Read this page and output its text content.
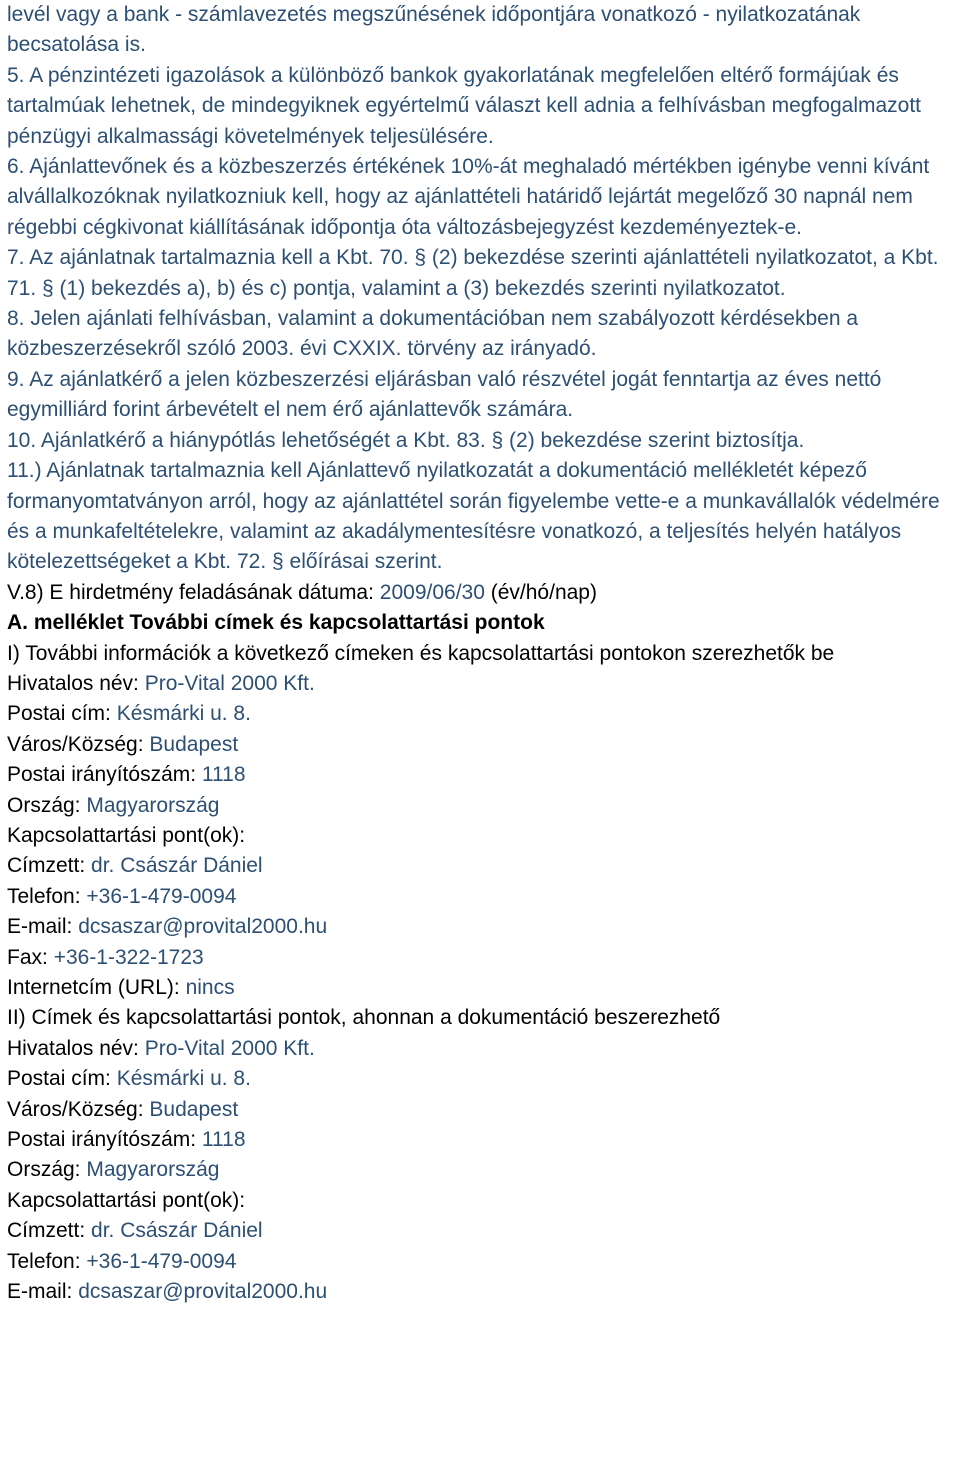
levél vagy a bank - számlavezetés megszűnésének időpontjára vonatkozó - nyilatkozatának becsatolása is.

5. A pénzintézeti igazolások a különböző bankok gyakorlatának megfelelően eltérő formájúak és tartalmúak lehetnek, de mindegyiknek egyértelmű választ kell adnia a felhívásban megfogalmazott pénzügyi alkalmassági követelmények teljesülésére.

6. Ajánlattevőnek és a közbeszerzés értékének 10%-át meghaladó mértékben igénybe venni kívánt alvállalkozóknak nyilatkozniuk kell, hogy az ajánlattételi határidő lejártát megelőző 30 napnál nem régebbi cégkivonat kiállításának időpontja óta változásbejegyzést kezdeményeztek-e.

7. Az ajánlatnak tartalmaznia kell a Kbt. 70. § (2) bekezdése szerinti ajánlattételi nyilatkozatot, a Kbt. 71. § (1) bekezdés a), b) és c) pontja, valamint a (3) bekezdés szerinti nyilatkozatot.

8. Jelen ajánlati felhívásban, valamint a dokumentációban nem szabályozott kérdésekben a közbeszerzésekről szóló 2003. évi CXXIX. törvény az irányadó.

9. Az ajánlatkérő a jelen közbeszerzési eljárásban való részvétel jogát fenntartja az éves nettó egymilliárd forint árbevételt el nem érő ajánlattevők számára.

10. Ajánlatkérő a hiánypótlás lehetőségét a Kbt. 83. § (2) bekezdése szerint biztosítja.

11.) Ajánlatnak tartalmaznia kell Ajánlattevő nyilatkozatát a dokumentáció mellékletét képező formanyomtatványon arról, hogy az ajánlattétel során figyelembe vette-e a munkavállalók védelmére és a munkafeltételekre, valamint az akadálymentesítésre vonatkozó, a teljesítés helyén hatályos kötelezettségeket a Kbt. 72. § előírásai szerint.

V.8) E hirdetmény feladásának dátuma: 2009/06/30 (év/hó/nap)

A. melléklet További címek és kapcsolattartási pontok

I) További információk a következő címeken és kapcsolattartási pontokon szerezhetők be

Hivatalos név: Pro-Vital 2000 Kft.

Postai cím: Késmárki u. 8.

Város/Község: Budapest

Postai irányítószám: 1118

Ország: Magyarország

Kapcsolattartási pont(ok):

Címzett: dr. Császár Dániel

Telefon: +36-1-479-0094

E-mail: dcsaszar@provital2000.hu

Fax: +36-1-322-1723

Internetcím (URL): nincs

II) Címek és kapcsolattartási pontok, ahonnan a dokumentáció beszerezhető

Hivatalos név: Pro-Vital 2000 Kft.

Postai cím: Késmárki u. 8.

Város/Község: Budapest

Postai irányítószám: 1118

Ország: Magyarország

Kapcsolattartási pont(ok):

Címzett: dr. Császár Dániel

Telefon: +36-1-479-0094

E-mail: dcsaszar@provital2000.hu
